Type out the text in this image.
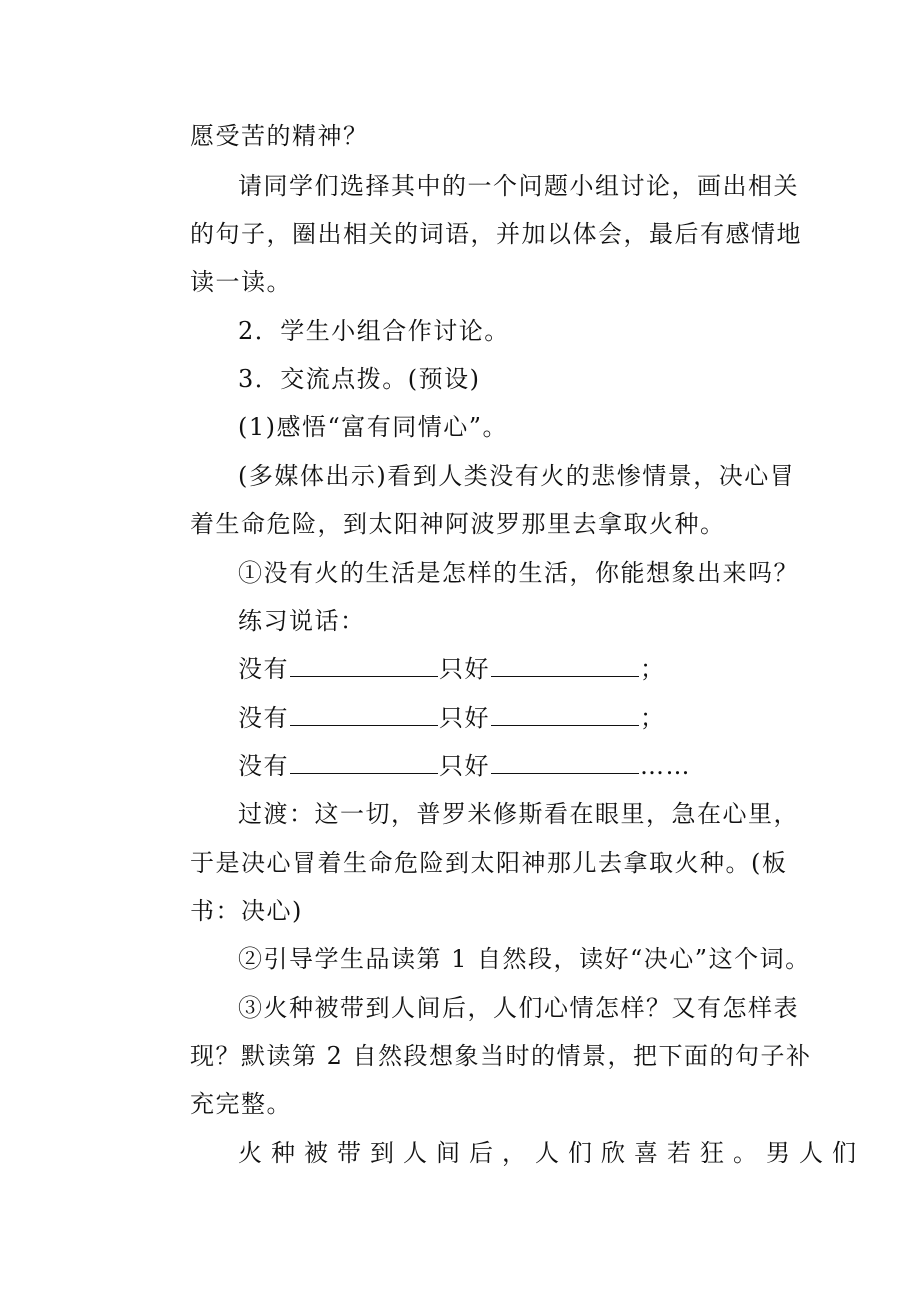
愿受苦的精神？
请同学们选择其中的一个问题小组讨论，画出相关
的句子，圈出相关的词语，并加以体会，最后有感情地
读一读。
2．学生小组合作讨论。
3．交流点拨。(预设)
(1)感悟“富有同情心”。
(多媒体出示)看到人类没有火的悲惨情景，决心冒
着生命危险，到太阳神阿波罗那里去拿取火种。
①没有火的生活是怎样的生活，你能想象出来吗？
练习说话：
没有	只好	；
没有	只好	；
没有	只好	……
过渡：这一切，普罗米修斯看在眼里，急在心里，
于是决心冒着生命危险到太阳神那儿去拿取火种。(板
书：决心)
②引导学生品读第 1 自然段，读好“决心”这个词。
③火种被带到人间后，人们心情怎样？又有怎样表
现？默读第 2 自然段想象当时的情景，把下面的句子补
充完整。
火种被带到人间后，人们欣喜若狂。男人们
